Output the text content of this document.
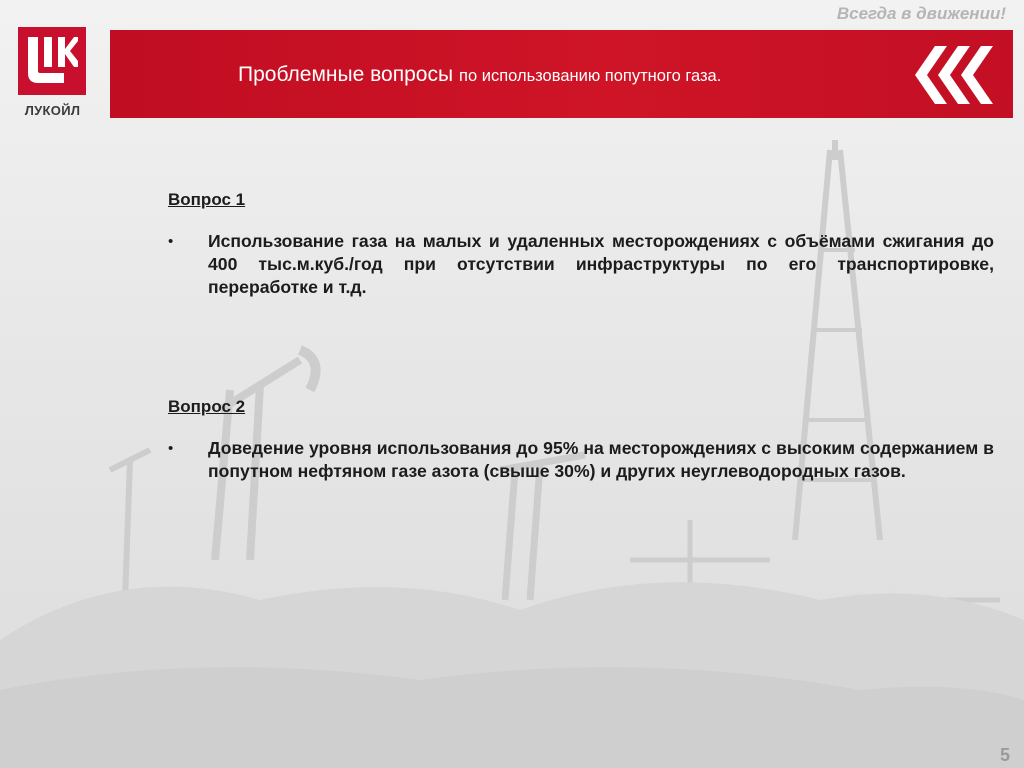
Всегда в движении!
ЛУКОЙЛ
Проблемные вопросы по использованию попутного газа.
Вопрос 1
• Использование газа на малых и удаленных месторождениях с объёмами сжигания до 400 тыс.м.куб./год при отсутствии инфраструктуры по его транспортировке, переработке и т.д.
Вопрос 2
• Доведение уровня использования до 95% на месторождениях с высоким содержанием в попутном нефтяном газе азота (свыше 30%) и других неуглеводородных газов.
5
